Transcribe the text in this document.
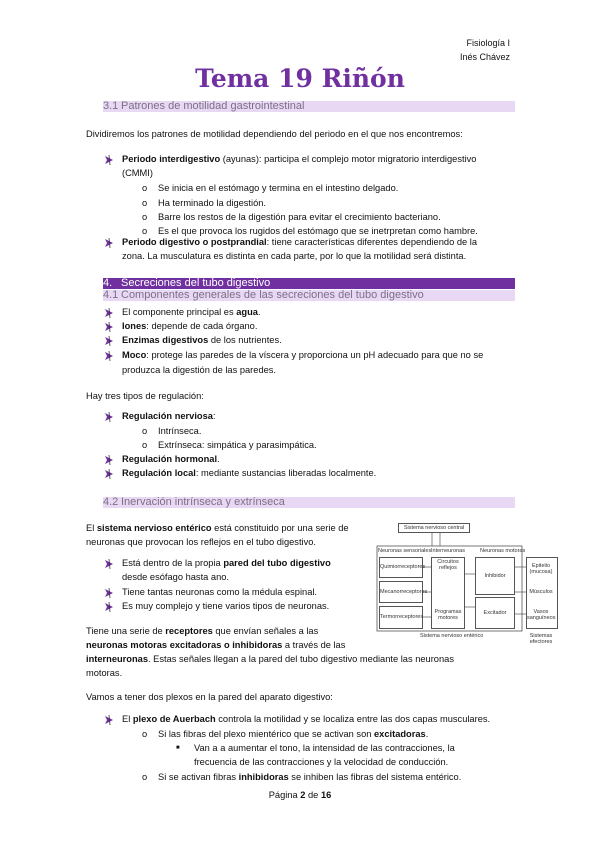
Fisiología I
Inés Chávez
Tema 19 Riñón
3.1 Patrones de motilidad gastrointestinal
Dividiremos los patrones de motilidad dependiendo del periodo en el que nos encontremos:
Periodo interdigestivo (ayunas): participa el complejo motor migratorio interdigestivo
(CMMI)
o	Se inicia en el estómago y termina en el intestino delgado.
o	Ha terminado la digestión.
o	Barre los restos de la digestión para evitar el crecimiento bacteriano.
o	Es el que provoca los rugidos del estómago que se inetrpretan como hambre.
Periodo digestivo o postprandial: tiene características diferentes dependiendo de la
zona. La musculatura es distinta en cada parte, por lo que la motilidad será distinta.
4. Secreciones del tubo digestivo
4.1 Componentes generales de las secreciones del tubo digestivo
El componente principal es agua.
Iones: depende de cada órgano.
Enzimas digestivos de los nutrientes.
Moco: protege las paredes de la víscera y proporciona un pH adecuado para que no se
produzca la digestión de las paredes.
Hay tres tipos de regulación:
Regulación nerviosa:
o	Intrínseca.
o	Extrínseca: simpática y parasimpática.
Regulación hormonal.
Regulación local: mediante sustancias liberadas localmente.
4.2 Inervación intrínseca y extrínseca
El sistema nervioso entérico está constituido por una serie de
neuronas que provocan los reflejos en el tubo digestivo.
Está dentro de la propia pared del tubo digestivo
desde esófago hasta ano.
Tiene tantas neuronas como la médula espinal.
Es muy complejo y tiene varios tipos de neuronas.
Tiene una serie de receptores que envían señales a las
neuronas motoras excitadoras o inhibidoras a través de las
interneuronas. Estas señales llegan a la pared del tubo digestivo mediante las neuronas
motoras.
Vamos a tener dos plexos en la pared del aparato digestivo:
El plexo de Auerbach controla la motilidad y se localiza entre las dos capas musculares.
o	Si las fibras del plexo mientérico que se activan son excitadoras.
■ Van a a aumentar el tono, la intensidad de las contracciones, la
frecuencia de las contracciones y la velocidad de conducción.
o	Si se activan fibras inhibidoras se inhiben las fibras del sistema entérico.
Página 2 de 16
Sistema nervioso central
Neuronas sensoriales Interneuronas	Neuronas motoras
Quimiorreceptores
Mecanorreceptores
Termorreceptores
Circuitos reflejos
Programas motores
Inhibidor
Excitador
Epitelio (mucosa)
Músculos
Vasos sanguíneos
Sistema nervioso entérico	Sistemas efectores
